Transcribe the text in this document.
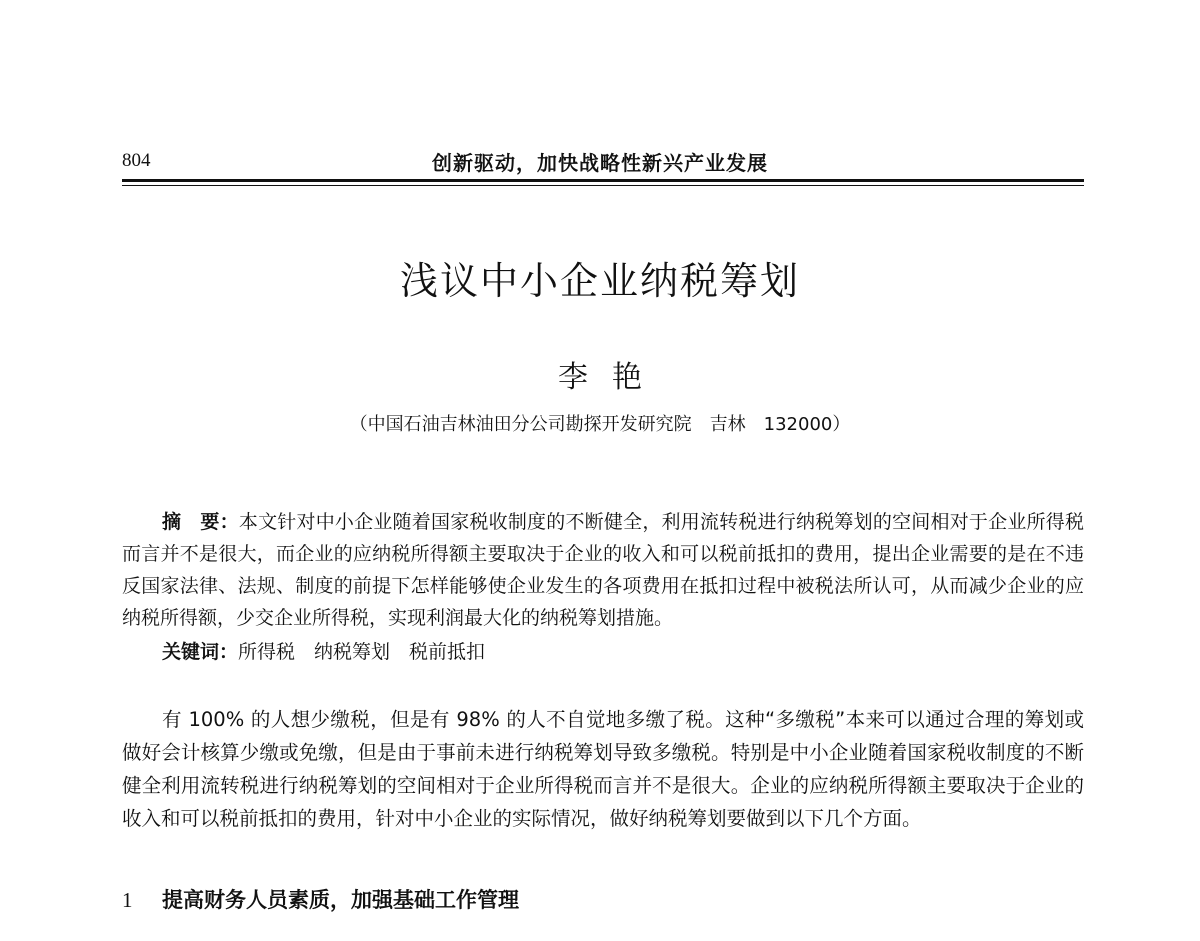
804	创新驱动，加快战略性新兴产业发展
浅议中小企业纳税筹划
李艳
（中国石油吉林油田分公司勘探开发研究院　吉林　132000）
摘　要：本文针对中小企业随着国家税收制度的不断健全，利用流转税进行纳税筹划的空间相对于企业所得税而言并不是很大，而企业的应纳税所得额主要取决于企业的收入和可以税前抵扣的费用，提出企业需要的是在不违反国家法律、法规、制度的前提下怎样能够使企业发生的各项费用在抵扣过程中被税法所认可，从而减少企业的应纳税所得额，少交企业所得税，实现利润最大化的纳税筹划措施。
关键词：所得税　纳税筹划　税前抵扣
有 100% 的人想少缴税，但是有 98% 的人不自觉地多缴了税。这种“多缴税”本来可以通过合理的筹划或做好会计核算少缴或免缴，但是由于事前未进行纳税筹划导致多缴税。特别是中小企业随着国家税收制度的不断健全利用流转税进行纳税筹划的空间相对于企业所得税而言并不是很大。企业的应纳税所得额主要取决于企业的收入和可以税前抵扣的费用，针对中小企业的实际情况，做好纳税筹划要做到以下几个方面。
1 提高财务人员素质，加强基础工作管理
